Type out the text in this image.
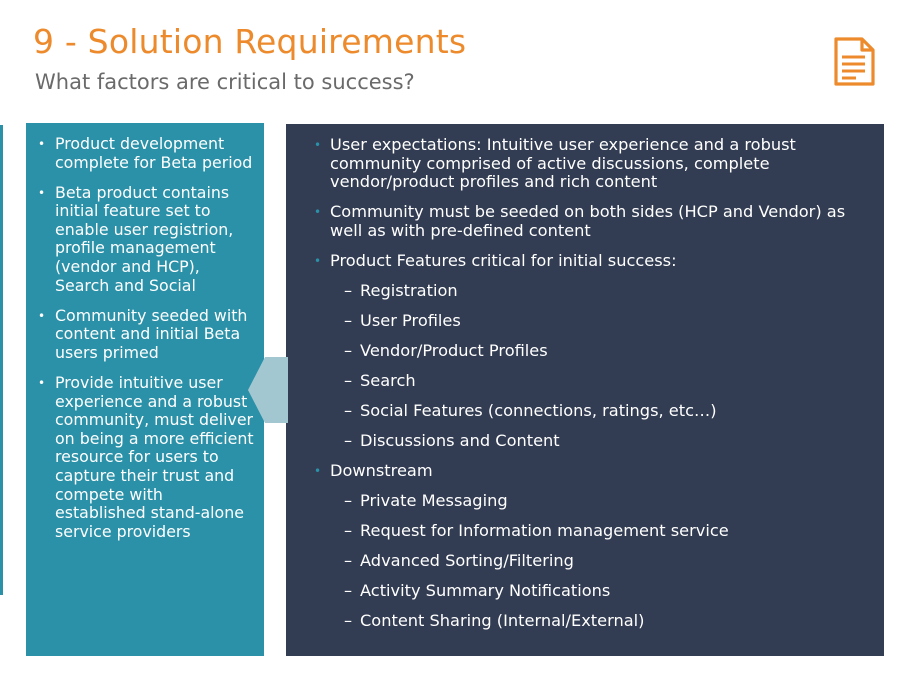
9 - Solution Requirements
What factors are critical to success?
• Product development complete for Beta period
• Beta product contains initial feature set to enable user registrion, profile management (vendor and HCP), Search and Social
• Community seeded with content and initial Beta users primed
• Provide intuitive user experience and a robust community, must deliver on being a more efficient resource for users to capture their trust and compete with established stand-alone service providers
• User expectations: Intuitive user experience and a robust community comprised of active discussions, complete vendor/product profiles and rich content
• Community must be seeded on both sides (HCP and Vendor) as well as with pre-defined content
• Product Features critical for initial success:
– Registration
– User Profiles
– Vendor/Product Profiles
– Search
– Social Features (connections, ratings, etc…)
– Discussions and Content
• Downstream
– Private Messaging
– Request for Information management service
– Advanced Sorting/Filtering
– Activity Summary Notifications
– Content Sharing (Internal/External)
